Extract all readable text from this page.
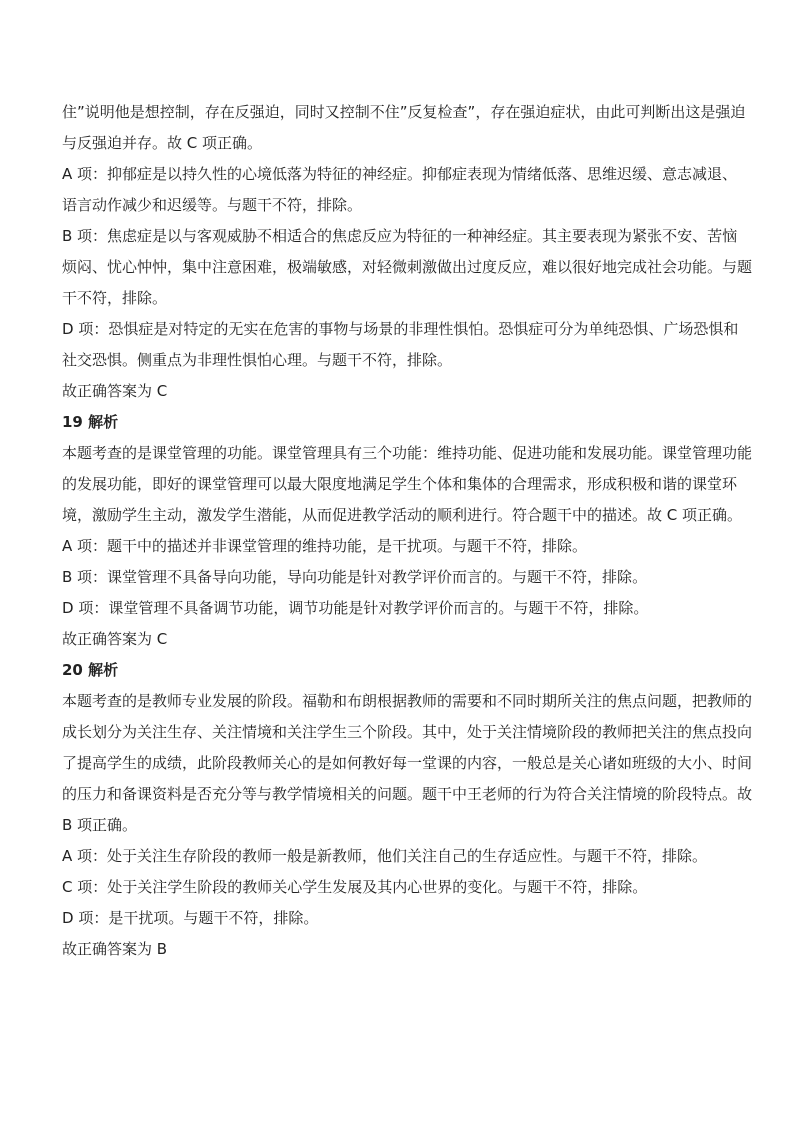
住”说明他是想控制，存在反强迫，同时又控制不住”反复检查”，存在强迫症状，由此可判断出这是强迫与反强迫并存。故 C 项正确。

A 项：抑郁症是以持久性的心境低落为特征的神经症。抑郁症表现为情绪低落、思维迟缓、意志减退、语言动作减少和迟缓等。与题干不符，排除。

B 项：焦虑症是以与客观威胁不相适合的焦虑反应为特征的一种神经症。其主要表现为紧张不安、苦恼烦闷、忧心忡忡，集中注意困难，极端敏感，对轻微刺激做出过度反应，难以很好地完成社会功能。与题干不符，排除。

D 项：恐惧症是对特定的无实在危害的事物与场景的非理性惧怕。恐惧症可分为单纯恐惧、广场恐惧和社交恐惧。侧重点为非理性惧怕心理。与题干不符，排除。

故正确答案为 C

19 解析

本题考查的是课堂管理的功能。课堂管理具有三个功能：维持功能、促进功能和发展功能。课堂管理功能的发展功能，即好的课堂管理可以最大限度地满足学生个体和集体的合理需求，形成积极和谐的课堂环境，激励学生主动，激发学生潜能，从而促进教学活动的顺利进行。符合题干中的描述。故 C 项正确。

A 项：题干中的描述并非课堂管理的维持功能，是干扰项。与题干不符，排除。

B 项：课堂管理不具备导向功能，导向功能是针对教学评价而言的。与题干不符，排除。

D 项：课堂管理不具备调节功能，调节功能是针对教学评价而言的。与题干不符，排除。

故正确答案为 C

20 解析

本题考查的是教师专业发展的阶段。福勒和布朗根据教师的需要和不同时期所关注的焦点问题，把教师的成长划分为关注生存、关注情境和关注学生三个阶段。其中，处于关注情境阶段的教师把关注的焦点投向了提高学生的成绩，此阶段教师关心的是如何教好每一堂课的内容，一般总是关心诸如班级的大小、时间的压力和备课资料是否充分等与教学情境相关的问题。题干中王老师的行为符合关注情境的阶段特点。故 B 项正确。

A 项：处于关注生存阶段的教师一般是新教师，他们关注自己的生存适应性。与题干不符，排除。

C 项：处于关注学生阶段的教师关心学生发展及其内心世界的变化。与题干不符，排除。

D 项：是干扰项。与题干不符，排除。

故正确答案为 B
